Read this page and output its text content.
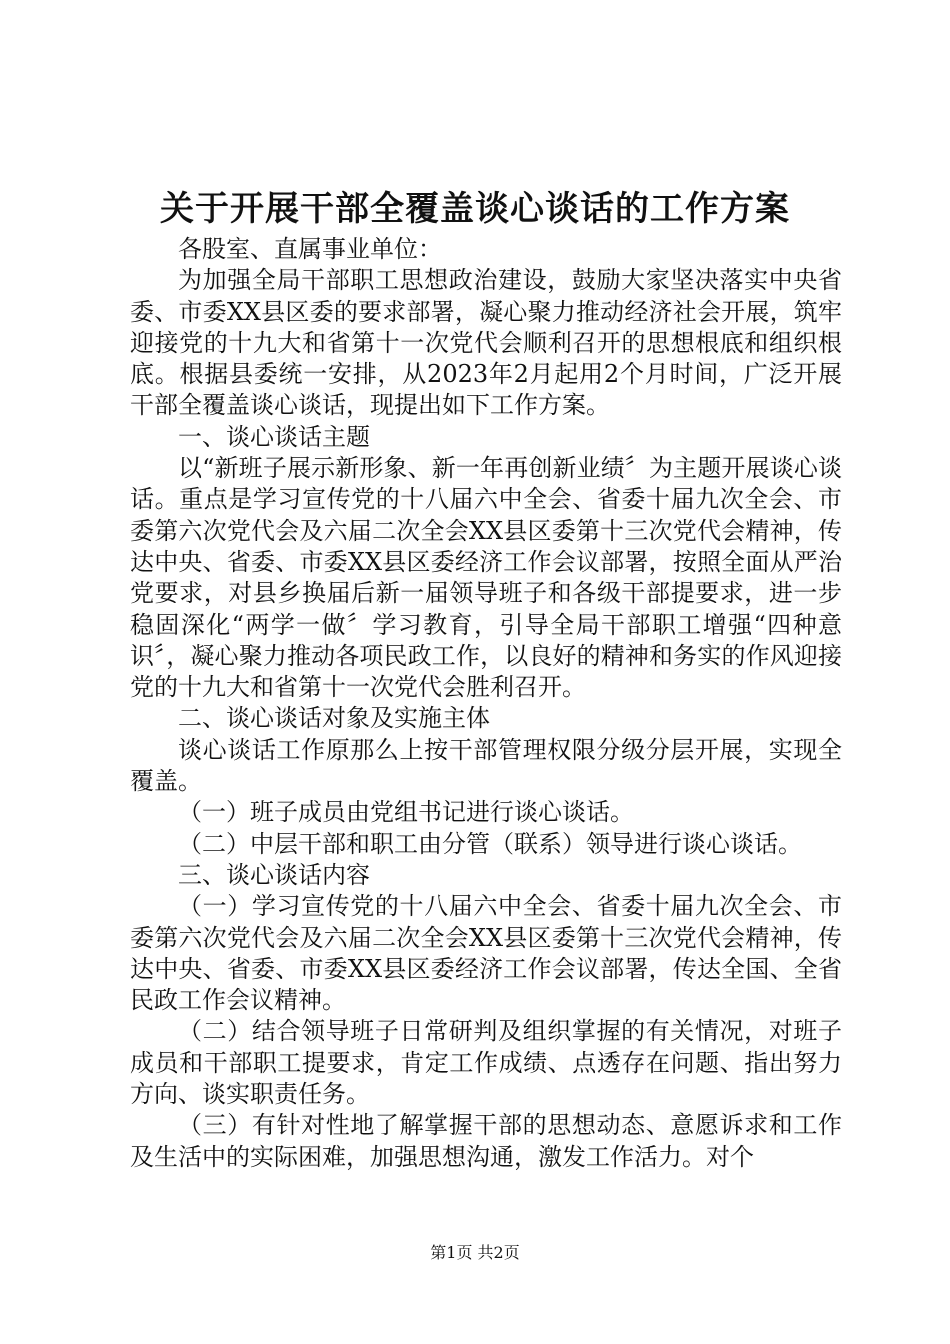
关于开展干部全覆盖谈心谈话的工作方案

各股室、直属事业单位：

为加强全局干部职工思想政治建设，鼓励大家坚决落实中央省委、市委XX县区委的要求部署，凝心聚力推动经济社会开展，筑牢迎接党的十九大和省第十一次党代会顺利召开的思想根底和组织根底。根据县委统一安排，从2023年2月起用2个月时间，广泛开展干部全覆盖谈心谈话，现提出如下工作方案。

一、谈心谈话主题

以“新班子展示新形象、新一年再创新业绩〞为主题开展谈心谈话。重点是学习宣传党的十八届六中全会、省委十届九次全会、市委第六次党代会及六届二次全会XX县区委第十三次党代会精神，传达中央、省委、市委XX县区委经济工作会议部署，按照全面从严治党要求，对县乡换届后新一届领导班子和各级干部提要求，进一步稳固深化“两学一做〞学习教育，引导全局干部职工增强“四种意识〞，凝心聚力推动各项民政工作，以良好的精神和务实的作风迎接党的十九大和省第十一次党代会胜利召开。

二、谈心谈话对象及实施主体

谈心谈话工作原那么上按干部管理权限分级分层开展，实现全覆盖。

（一）班子成员由党组书记进行谈心谈话。

（二）中层干部和职工由分管（联系）领导进行谈心谈话。

三、谈心谈话内容

（一）学习宣传党的十八届六中全会、省委十届九次全会、市委第六次党代会及六届二次全会XX县区委第十三次党代会精神，传达中央、省委、市委XX县区委经济工作会议部署，传达全国、全省民政工作会议精神。

（二）结合领导班子日常研判及组织掌握的有关情况，对班子成员和干部职工提要求，肯定工作成绩、点透存在问题、指出努力方向、谈实职责任务。

（三）有针对性地了解掌握干部的思想动态、意愿诉求和工作及生活中的实际困难，加强思想沟通，激发工作活力。对个

第1页 共2页
